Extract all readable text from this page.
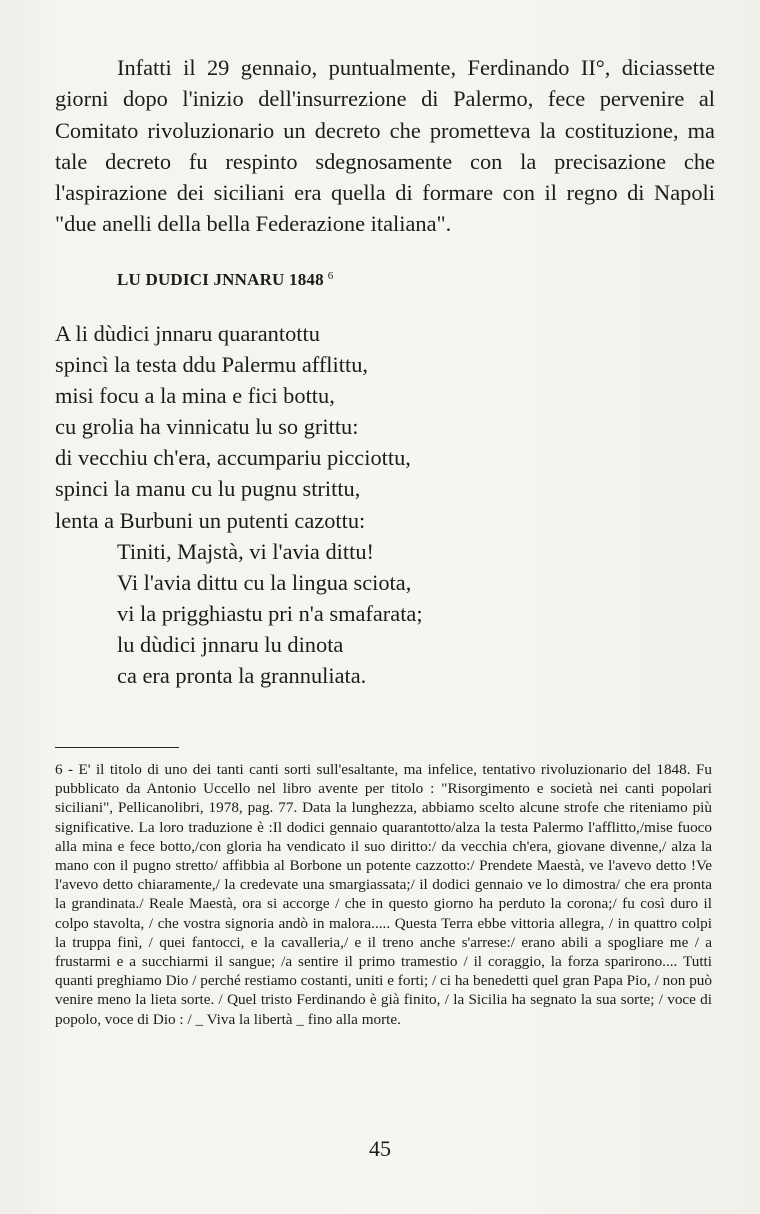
Infatti il 29 gennaio, puntualmente, Ferdinando II°, diciassette giorni dopo l'inizio dell'insurrezione di Palermo, fece pervenire al Comitato rivoluzionario un decreto che prometteva la costituzione, ma tale decreto fu respinto sdegnosamente con la precisazione che l'aspirazione dei siciliani era quella di formare con il regno di Napoli "due anelli della bella Federazione italiana".

LU DUDICI JNNARU 1848 $^6$
A li dùdici jnnaru quarantottu
spincì la testa ddu Palermu afflittu,
misi focu a la mina e fici bottu,
cu grolia ha vinnicatu lu so grittu:
di vecchiu ch'era, accumpariu picciottu,
spinci la manu cu lu pugnu strittu,
lenta a Burbuni un putenti cazottu:
Tiniti, Majstà, vi l'avia dittu!
Vi l'avia dittu cu la lingua sciota,
vi la prigghiastu pri n'a smafarata;
lu dùdici jnnaru lu dinota
ca era pronta la grannuliata.

6 - E' il titolo di uno dei tanti canti sorti sull'esaltante, ma infelice, tentativo rivoluzionario del 1848. Fu pubblicato da Antonio Uccello nel libro avente per titolo : "Risorgimento e società nei canti popolari siciliani", Pellicanolibri, 1978, pag. 77. Data la lunghezza, abbiamo scelto alcune strofe che riteniamo più significative. La loro traduzione è :Il dodici gennaio quarantotto/alza la testa Palermo l'afflitto,/mise fuoco alla mina e fece botto,/con gloria ha vendicato il suo diritto:/ da vecchia ch'era, giovane divenne,/ alza la mano con il pugno stretto/ affibbia al Borbone un potente cazzotto:/ Prendete Maestà, ve l'avevo detto !Ve l'avevo detto chiaramente,/ la credevate una smargiassata;/ il dodici gennaio ve lo dimostra/ che era pronta la grandinata./ Reale Maestà, ora si accorge / che in questo giorno ha perduto la corona;/ fu così duro il colpo stavolta, / che vostra signoria andò in malora..... Questa Terra ebbe vittoria allegra, / in quattro colpi la truppa finì, / quei fantocci, e la cavalleria,/ e il treno anche s'arrese:/ erano abili a spogliare me / a frustarmi e a succhiarmi il sangue; /a sentire il primo tramestio / il coraggio, la forza sparirono.... Tutti quanti preghiamo Dio / perché restiamo costanti, uniti e forti; / ci ha benedetti quel gran Papa Pio, / non può venire meno la lieta sorte. / Quel tristo Ferdinando è già finito, / la Sicilia ha segnato la sua sorte; / voce di popolo, voce di Dio : / _ Viva la libertà _ fino alla morte.

45
